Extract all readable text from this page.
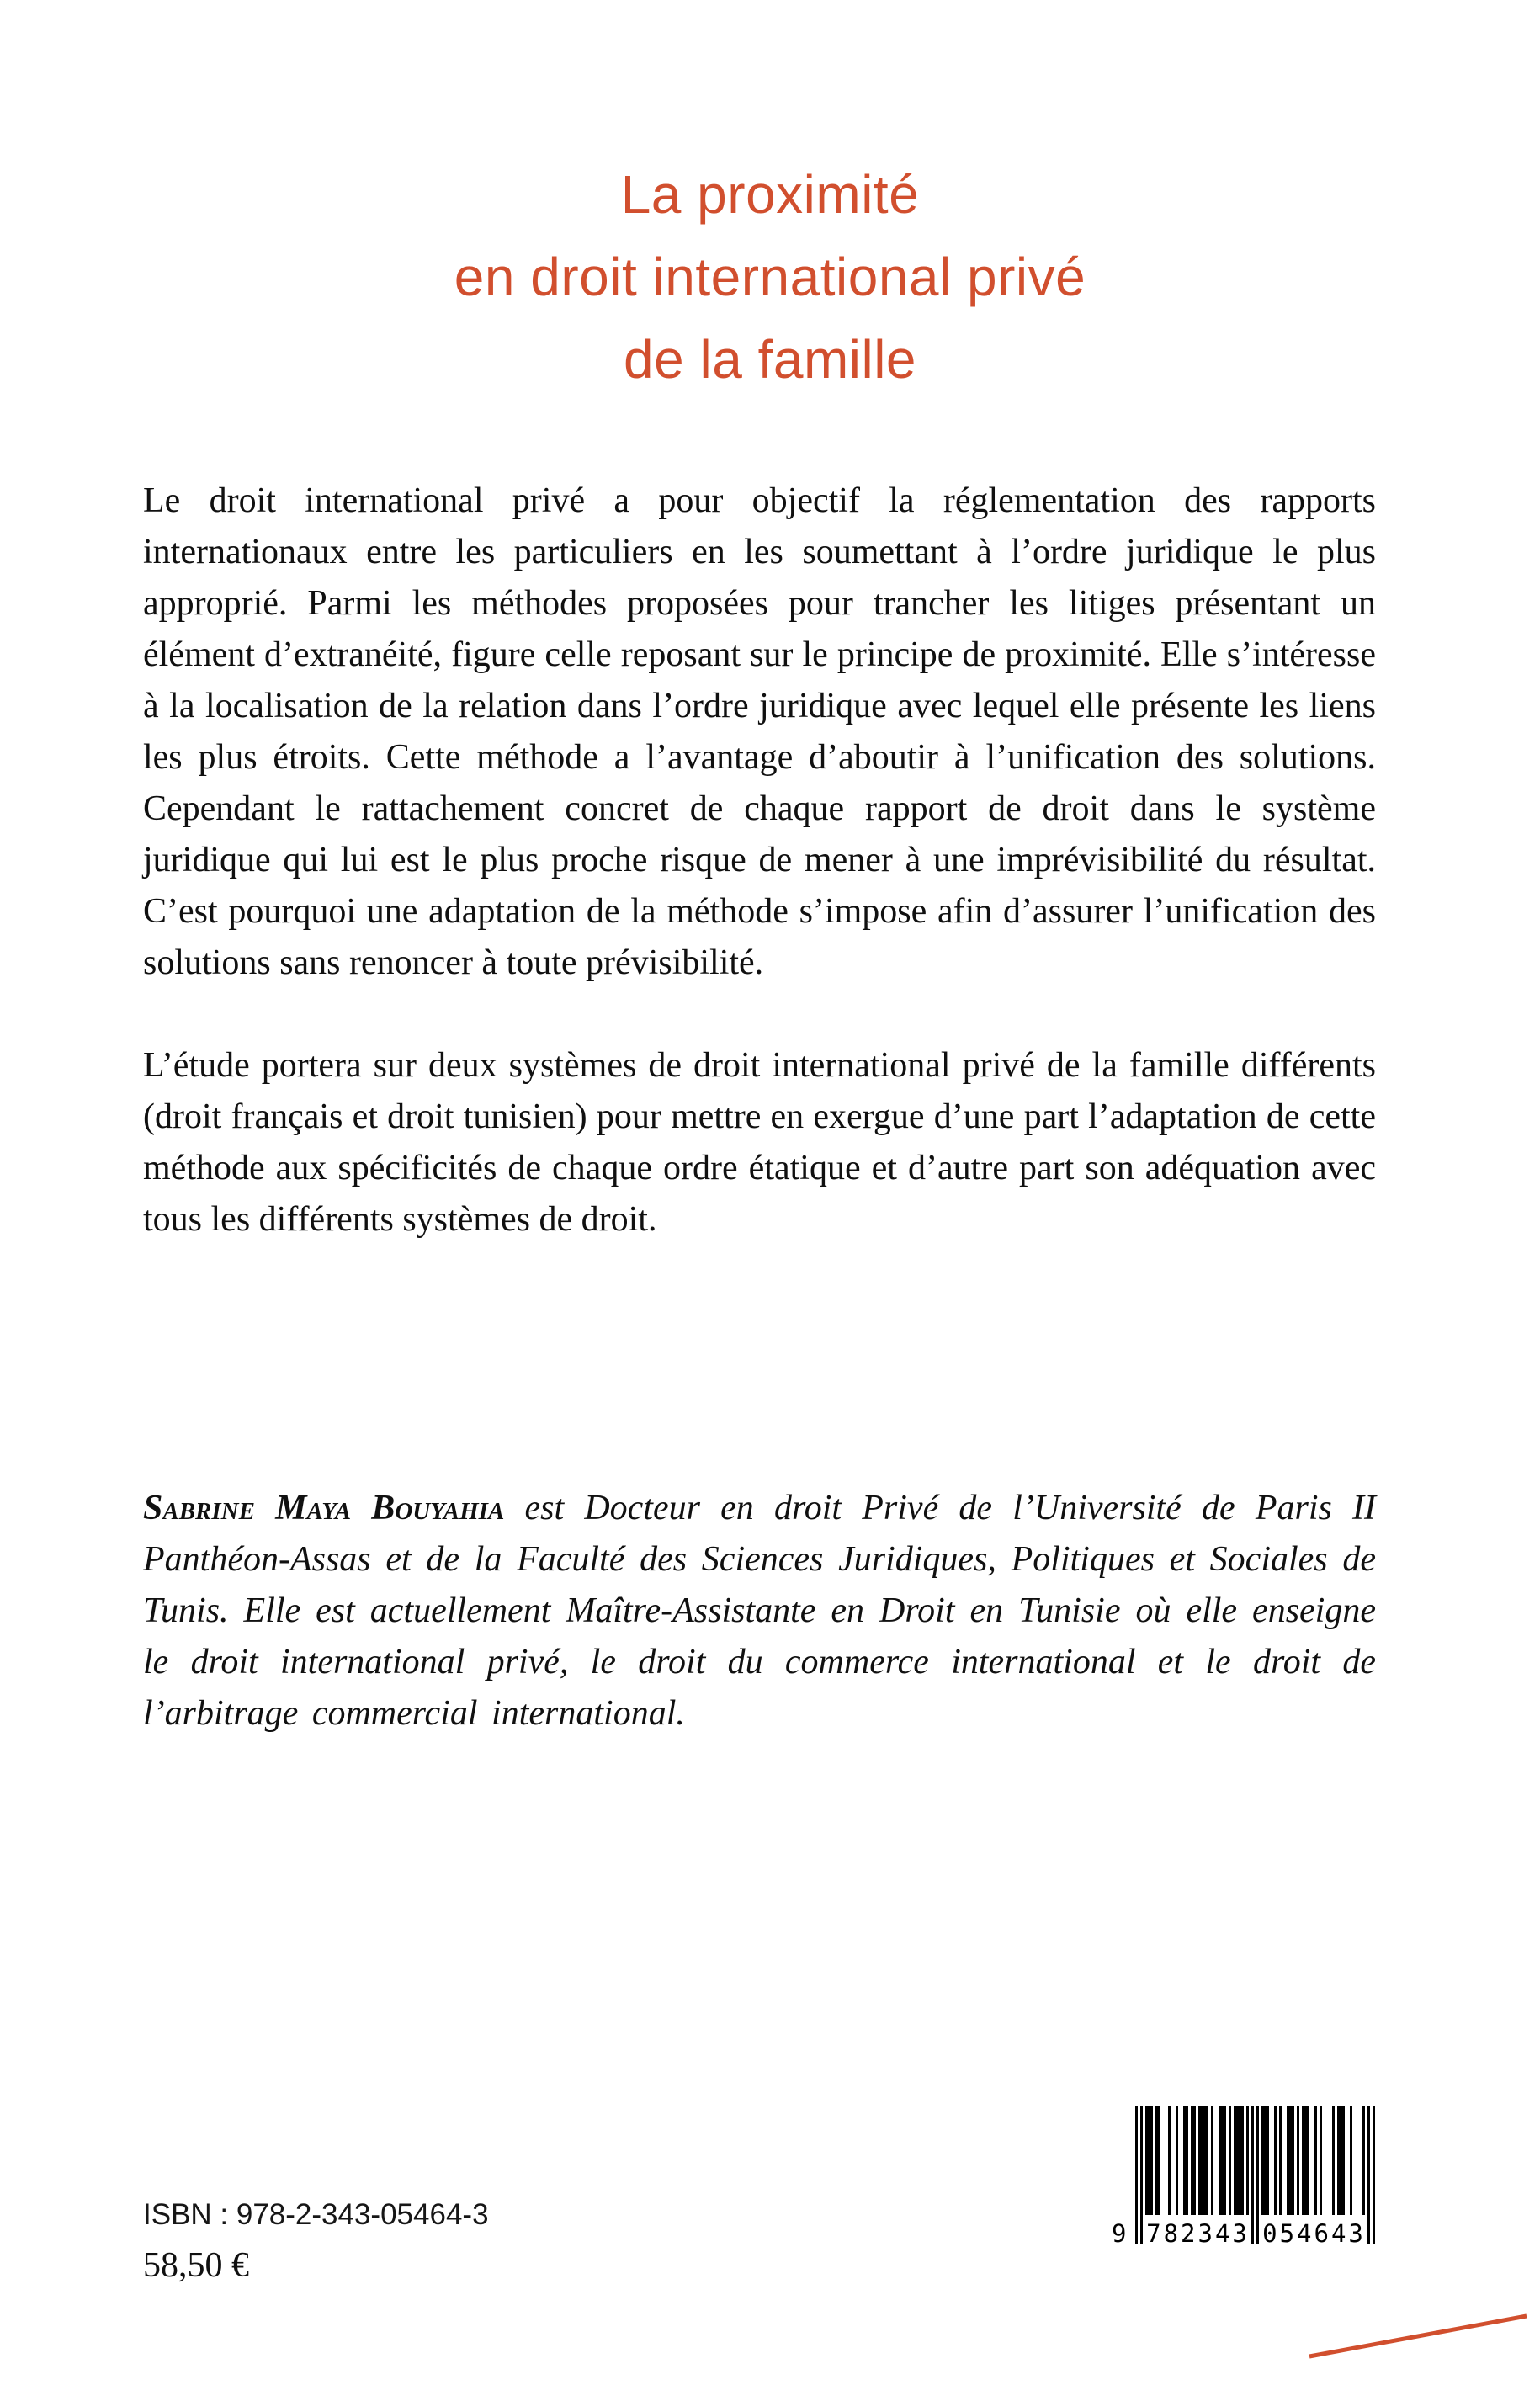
La proximité
en droit international privé
de la famille

Le droit international privé a pour objectif la réglementation des rapports internationaux entre les particuliers en les soumettant à l’ordre juridique le plus approprié. Parmi les méthodes proposées pour trancher les litiges présentant un élément d’extranéité, figure celle reposant sur le principe de proximité. Elle s’intéresse à la localisation de la relation dans l’ordre juridique avec lequel elle présente les liens les plus étroits. Cette méthode a l’avantage d’aboutir à l’unification des solutions. Cependant le rattachement concret de chaque rapport de droit dans le système juridique qui lui est le plus proche risque de mener à une imprévisibilité du résultat. C’est pourquoi une adaptation de la méthode s’impose afin d’assurer l’unification des solutions sans renoncer à toute prévisibilité.

L’étude portera sur deux systèmes de droit international privé de la famille différents (droit français et droit tunisien) pour mettre en exergue d’une part l’adaptation de cette méthode aux spécificités de chaque ordre étatique et d’autre part son adéquation avec tous les différents systèmes de droit.

Sabrine Maya Bouyahia est Docteur en droit Privé de l’Université de Paris II Panthéon-Assas et de la Faculté des Sciences Juridiques, Politiques et Sociales de Tunis. Elle est actuellement Maître-Assistante en Droit en Tunisie où elle enseigne le droit international privé, le droit du commerce international et le droit de l’arbitrage commercial international.
ISBN : 978-2-343-05464-3
58,50 €
9 782343 054643
